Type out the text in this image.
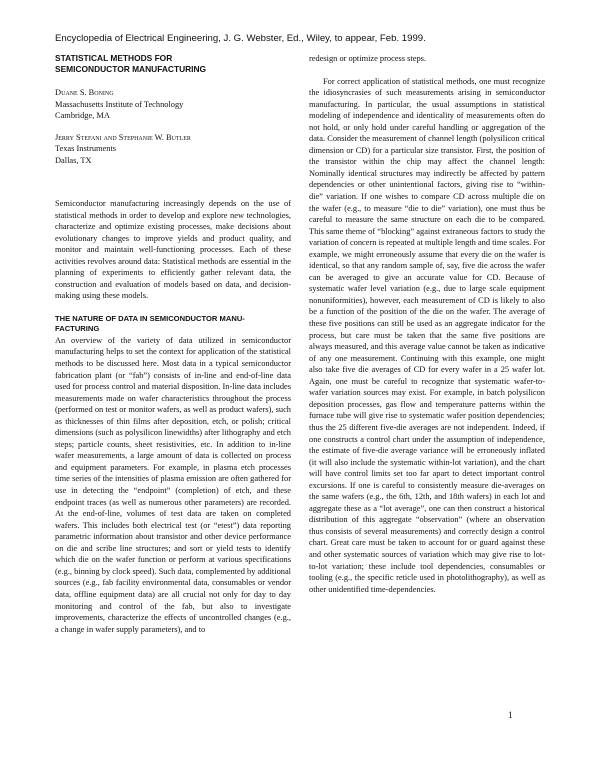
Encyclopedia of Electrical Engineering, J. G. Webster, Ed., Wiley, to appear, Feb. 1999.

STATISTICAL METHODS FOR
SEMICONDUCTOR MANUFACTURING

Duane S. Boning
Massachusetts Institute of Technology
Cambridge, MA

Jerry Stefani and Stephanie W. Butler
Texas Instruments
Dallas, TX

Semiconductor manufacturing increasingly depends on the use of statistical methods in order to develop and explore new technologies, characterize and optimize existing processes, make decisions about evolutionary changes to improve yields and product quality, and monitor and maintain well-functioning processes. Each of these activities revolves around data: Statistical methods are essential in the planning of experiments to efficiently gather relevant data, the construction and evaluation of models based on data, and decision-making using these models.

THE NATURE OF DATA IN SEMICONDUCTOR MANU-
FACTURING

An overview of the variety of data utilized in semiconductor manufacturing helps to set the context for application of the statistical methods to be discussed here. Most data in a typical semiconductor fabrication plant (or “fab”) consists of in-line and end-of-line data used for process control and material disposition. In-line data includes measurements made on wafer characteristics throughout the process (performed on test or monitor wafers, as well as product wafers), such as thicknesses of thin films after deposition, etch, or polish; critical dimensions (such as polysilicon linewidths) after lithography and etch steps; particle counts, sheet resistivities, etc. In addition to in-line wafer measurements, a large amount of data is collected on process and equipment parameters. For example, in plasma etch processes time series of the intensities of plasma emission are often gathered for use in detecting the “endpoint” (completion) of etch, and these endpoint traces (as well as numerous other parameters) are recorded. At the end-of-line, volumes of test data are taken on completed wafers. This includes both electrical test (or “etest”) data reporting parametric information about transistor and other device performance on die and scribe line structures; and sort or yield tests to identify which die on the wafer function or perform at various specifications (e.g., binning by clock speed). Such data, complemented by additional sources (e.g., fab facility environmental data, consumables or vendor data, offline equipment data) are all crucial not only for day to day monitoring and control of the fab, but also to investigate improvements, characterize the effects of uncontrolled changes (e.g., a change in wafer supply parameters), and to

redesign or optimize process steps.

For correct application of statistical methods, one must recognize the idiosyncrasies of such measurements arising in semiconductor manufacturing. In particular, the usual assumptions in statistical modeling of independence and identicality of measurements often do not hold, or only hold under careful handling or aggregation of the data. Consider the measurement of channel length (polysilicon critical dimension or CD) for a particular size transistor. First, the position of the transistor within the chip may affect the channel length: Nominally identical structures may indirectly be affected by pattern dependencies or other unintentional factors, giving rise to “within-die” variation. If one wishes to compare CD across multiple die on the wafer (e.g., to measure “die to die” variation), one must thus be careful to measure the same structure on each die to be compared. This same theme of “blocking” against extraneous factors to study the variation of concern is repeated at multiple length and time scales. For example, we might erroneously assume that every die on the wafer is identical, so that any random sample of, say, five die across the wafer can be averaged to give an accurate value for CD. Because of systematic wafer level variation (e.g., due to large scale equipment nonuniformities), however, each measurement of CD is likely to also be a function of the position of the die on the wafer. The average of these five positions can still be used as an aggregate indicator for the process, but care must be taken that the same five positions are always measured, and this average value cannot be taken as indicative of any one measurement. Continuing with this example, one might also take five die averages of CD for every wafer in a 25 wafer lot. Again, one must be careful to recognize that systematic wafer-to-wafer variation sources may exist. For example, in batch polysilicon deposition processes, gas flow and temperature patterns within the furnace tube will give rise to systematic wafer position dependencies; thus the 25 different five-die averages are not independent. Indeed, if one constructs a control chart under the assumption of independence, the estimate of five-die average variance will be erroneously inflated (it will also include the systematic within-lot variation), and the chart will have control limits set too far apart to detect important control excursions. If one is careful to consistently measure die-averages on the same wafers (e.g., the 6th, 12th, and 18th wafers) in each lot and aggregate these as a “lot average”, one can then construct a historical distribution of this aggregate “observation” (where an observation thus consists of several measurements) and correctly design a control chart. Great care must be taken to account for or guard against these and other systematic sources of variation which may give rise to lot-to-lot variation; these include tool dependencies, consumables or tooling (e.g., the specific reticle used in photolithography), as well as other unidentified time-dependencies.

1
